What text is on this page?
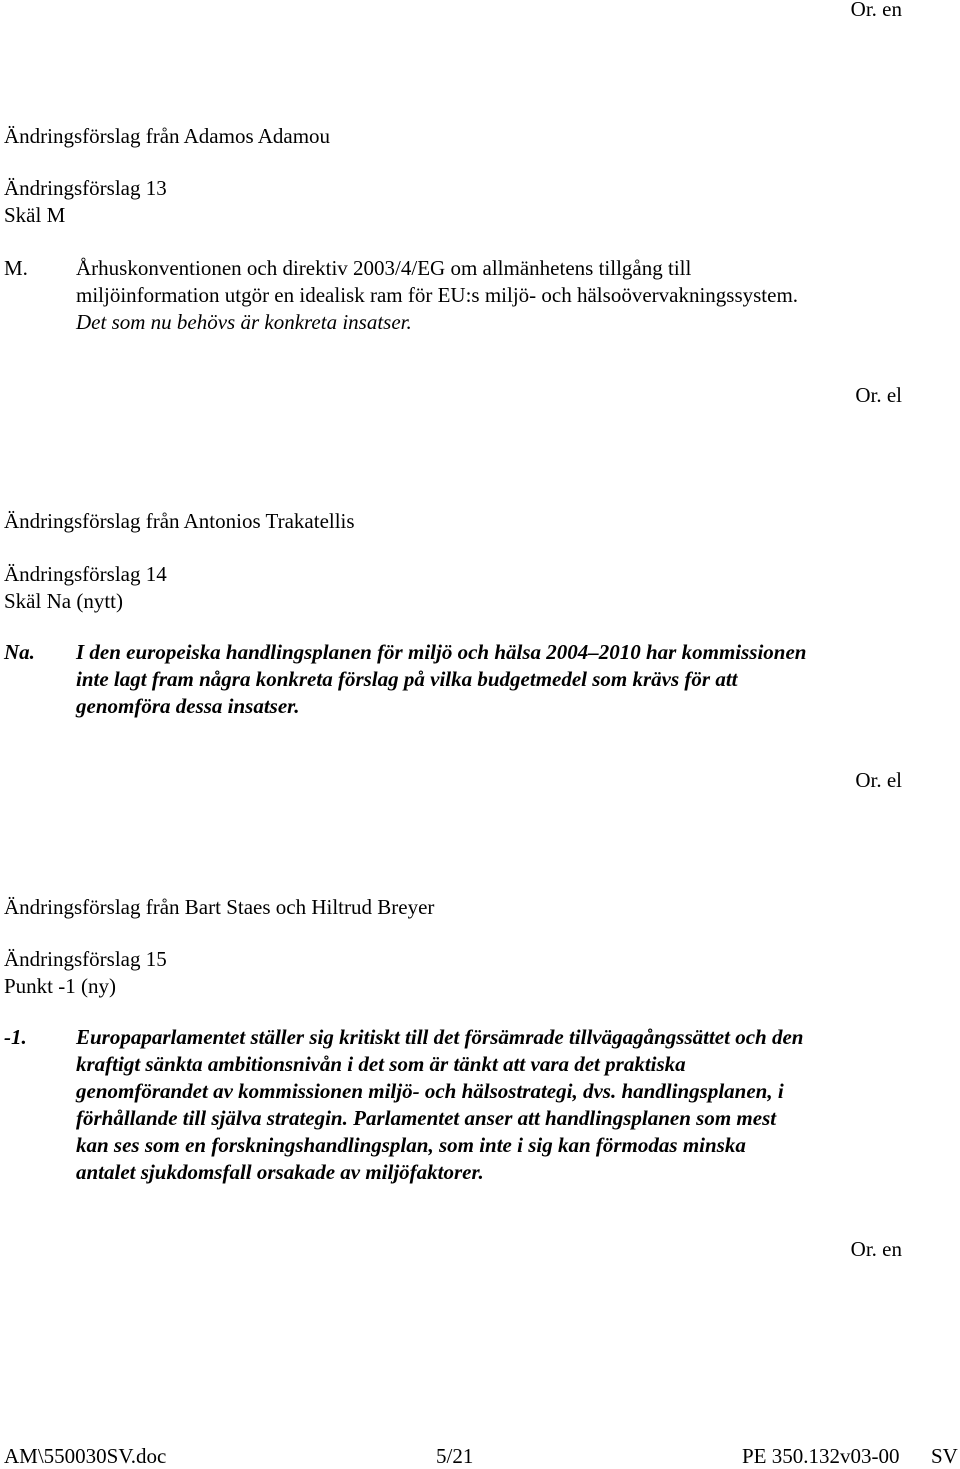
Or. en
Ändringsförslag från Adamos Adamou
Ändringsförslag 13
Skäl M
M. Århuskonventionen och direktiv 2003/4/EG om allmänhetens tillgång till
miljöinformation utgör en idealisk ram för EU:s miljö- och hälsoövervakningssystem.
Det som nu behövs är konkreta insatser.
Or. el
Ändringsförslag från Antonios Trakatellis
Ändringsförslag 14
Skäl Na (nytt)
Na. I den europeiska handlingsplanen för miljö och hälsa 2004–2010 har kommissionen
inte lagt fram några konkreta förslag på vilka budgetmedel som krävs för att
genomföra dessa insatser.
Or. el
Ändringsförslag från Bart Staes och Hiltrud Breyer
Ändringsförslag 15
Punkt -1 (ny)
-1. Europaparlamentet ställer sig kritiskt till det försämrade tillvägagångssättet och den
kraftigt sänkta ambitionsnivån i det som är tänkt att vara det praktiska
genomförandet av kommissionen miljö- och hälsostrategi, dvs. handlingsplanen, i
förhållande till själva strategin. Parlamentet anser att handlingsplanen som mest
kan ses som en forskningshandlingsplan, som inte i sig kan förmodas minska
antalet sjukdomsfall orsakade av miljöfaktorer.
Or. en
AM\550030SV.doc	5/21	PE 350.132v03-00 SV
